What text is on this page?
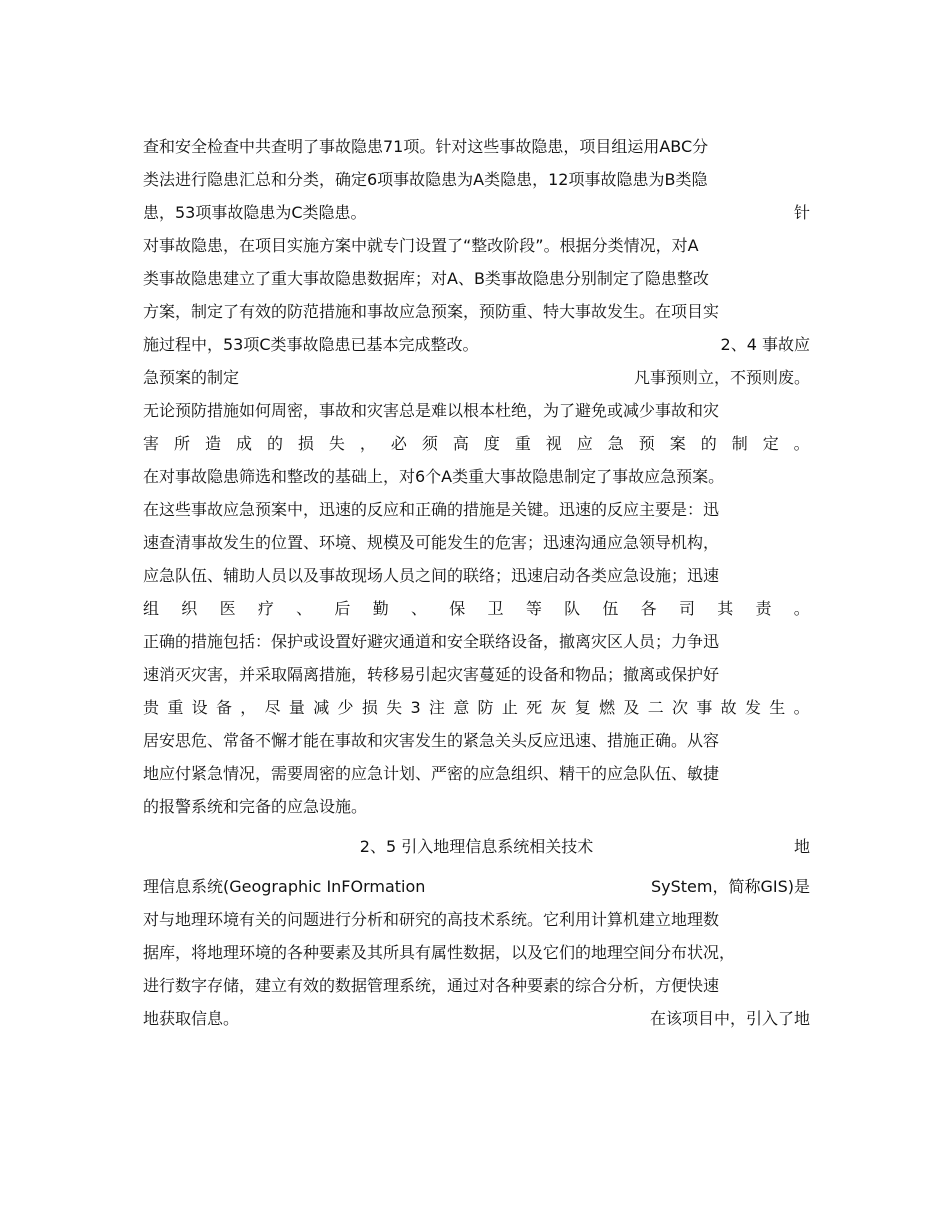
查和安全检查中共查明了事故隐患71项。针对这些事故隐患，项目组运用ABC分
类法进行隐患汇总和分类，确定6项事故隐患为A类隐患，12项事故隐患为B类隐
患，53项事故隐患为C类隐患。	针
对事故隐患，在项目实施方案中就专门设置了“整改阶段”。根据分类情况，对A
类事故隐患建立了重大事故隐患数据库；对A、B类事故隐患分别制定了隐患整改
方案，制定了有效的防范措施和事故应急预案，预防重、特大事故发生。在项目实
施过程中，53项C类事故隐患已基本完成整改。	2、4 事故应
急预案的制定	凡事预则立，不预则废。
无论预防措施如何周密，事故和灾害总是难以根本杜绝，为了避免或减少事故和灾
害 所 造 成 的 损 失 ， 必 须 高 度 重 视 应 急 预 案 的 制 定 。
在对事故隐患筛选和整改的基础上，对6个A类重大事故隐患制定了事故应急预案。
在这些事故应急预案中，迅速的反应和正确的措施是关键。迅速的反应主要是：迅
速查清事故发生的位置、环境、规模及可能发生的危害；迅速沟通应急领导机构，
应急队伍、辅助人员以及事故现场人员之间的联络；迅速启动各类应急设施；迅速
组 织 医 疗 、 后 勤 、 保 卫 等 队 伍 各 司 其 责 。
正确的措施包括：保护或设置好避灾通道和安全联络设备，撤离灾区人员；力争迅
速消灭灾害，并采取隔离措施，转移易引起灾害蔓延的设备和物品；撤离或保护好
贵 重 设 备 ， 尽 量 减 少 损 失 3 注 意 防 止 死 灰 复 燃 及 二 次 事 故 发 生 。
居安思危、常备不懈才能在事故和灾害发生的紧急关头反应迅速、措施正确。从容
地应付紧急情况，需要周密的应急计划、严密的应急组织、精干的应急队伍、敏捷
的报警系统和完备的应急设施。
2、5 引入地理信息系统相关技术	地
理信息系统(Geographic InFOrmation	SyStem，简称GIS)是
对与地理环境有关的问题进行分析和研究的高技术系统。它利用计算机建立地理数
据库，将地理环境的各种要素及其所具有属性数据，以及它们的地理空间分布状况，
进行数字存储，建立有效的数据管理系统，通过对各种要素的综合分析，方便快速
地获取信息。	在该项目中，引入了地
